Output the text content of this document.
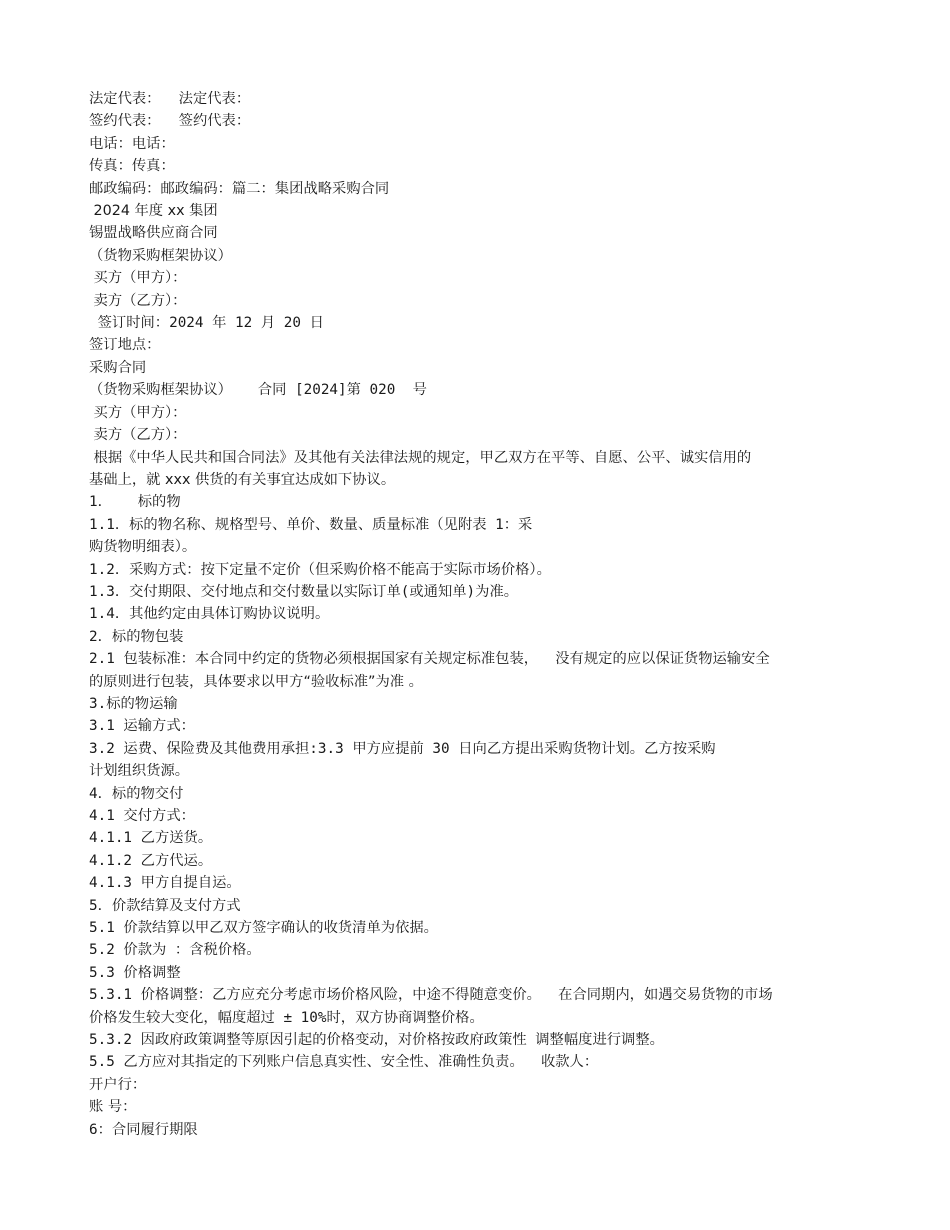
法定代表：    法定代表：
签约代表：    签约代表：
电话：电话：
传真：传真：
邮政编码：邮政编码：篇二：集团战略采购合同
2024 年度 xx 集团
锡盟战略供应商合同
（货物采购框架协议）
买方（甲方）：
卖方（乙方）：
签订时间：2024 年 12 月 20 日
签订地点：
采购合同
（货物采购框架协议）   合同 [2024]第 020  号
买方（甲方）：
卖方（乙方）：
根据《中华人民共和国合同法》及其他有关法律法规的规定，甲乙双方在平等、自愿、公平、诚实信用的
基础上，就 xxx 供货的有关事宜达成如下协议。
1．   标的物
1.1．标的物名称、规格型号、单价、数量、质量标准（见附表 1：采
购货物明细表）。
1.2．采购方式：按下定量不定价（但采购价格不能高于实际市场价格）。
1.3．交付期限、交付地点和交付数量以实际订单(或通知单)为准。
1.4．其他约定由具体订购协议说明。
2．标的物包装
2.1 包装标准：本合同中约定的货物必须根据国家有关规定标准包装，  没有规定的应以保证货物运输安全
的原则进行包装，具体要求以甲方“验收标准”为准 。
3.标的物运输
3.1 运输方式：
3.2 运费、保险费及其他费用承担:3.3 甲方应提前 30 日向乙方提出采购货物计划。乙方按采购
计划组织货源。
4．标的物交付
4.1 交付方式：
4.1.1 乙方送货。
4.1.2 乙方代运。
4.1.3 甲方自提自运。
5．价款结算及支付方式
5.1 价款结算以甲乙双方签字确认的收货清单为依据。
5.2 价款为 ：含税价格。
5.3 价格调整
5.3.1 价格调整：乙方应充分考虑市场价格风险，中途不得随意变价。  在合同期内，如遇交易货物的市场
价格发生较大变化，幅度超过 ± 10%时，双方协商调整价格。
5.3.2 因政府政策调整等原因引起的价格变动，对价格按政府政策性 调整幅度进行调整。
5.5 乙方应对其指定的下列账户信息真实性、安全性、准确性负责。  收款人：
开户行：
账 号：
6：合同履行期限
